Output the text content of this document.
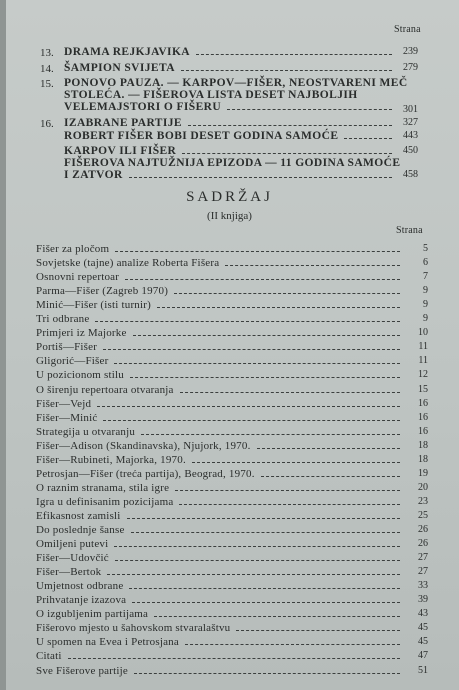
Strana
13. DRAMA REJKJAVIKA	239
14. ŠAMPION SVIJETA	279
15. PONOVO PAUZA. — KARPOV—FIŠER, NEOSTVARENI MEČ
STOLEĆA. — FIŠEROVA LISTA DESET NAJBOLJIH
VELEMAJSTORI O FIŠERU	301
16. IZABRANE PARTIJE	327
ROBERT FIŠER BOBI DESET GODINA SAMOĆE	443
KARPOV ILI FIŠER	450
FIŠEROVA NAJTUŽNIJA EPIZODA — 11 GODINA SAMOĆE
I ZATVOR	458
SADRŽAJ
(II knjiga)
Strana
Fišer za pločom	5
Sovjetske (tajne) analize Roberta Fišera	6
Osnovni repertoar	7
Parma—Fišer (Zagreb 1970)	9
Minić—Fišer (isti turnir)	9
Tri odbrane	9
Primjeri iz Majorke	10
Portiš—Fišer	11
Gligorić—Fišer	11
U pozicionom stilu	12
O širenju repertoara otvaranja	15
Fišer—Vejd	16
Fišer—Minić	16
Strategija u otvaranju	16
Fišer—Adison (Skandinavska), Njujork, 1970.	18
Fišer—Rubineti, Majorka, 1970.	18
Petrosjan—Fišer (treća partija), Beograd, 1970.	19
O raznim stranama, stila igre	20
Igra u definisanim pozicijama	23
Efikasnost zamisli	25
Do poslednje šanse	26
Omiljeni putevi	26
Fišer—Udovčić	27
Fišer—Bertok	27
Umjetnost odbrane	33
Prihvatanje izazova	39
O izgubljenim partijama	43
Fišerovo mjesto u šahovskom stvaralaštvu	45
U spomen na Evea i Petrosjana	45
Citati	47
Sve Fišerove partije	51
